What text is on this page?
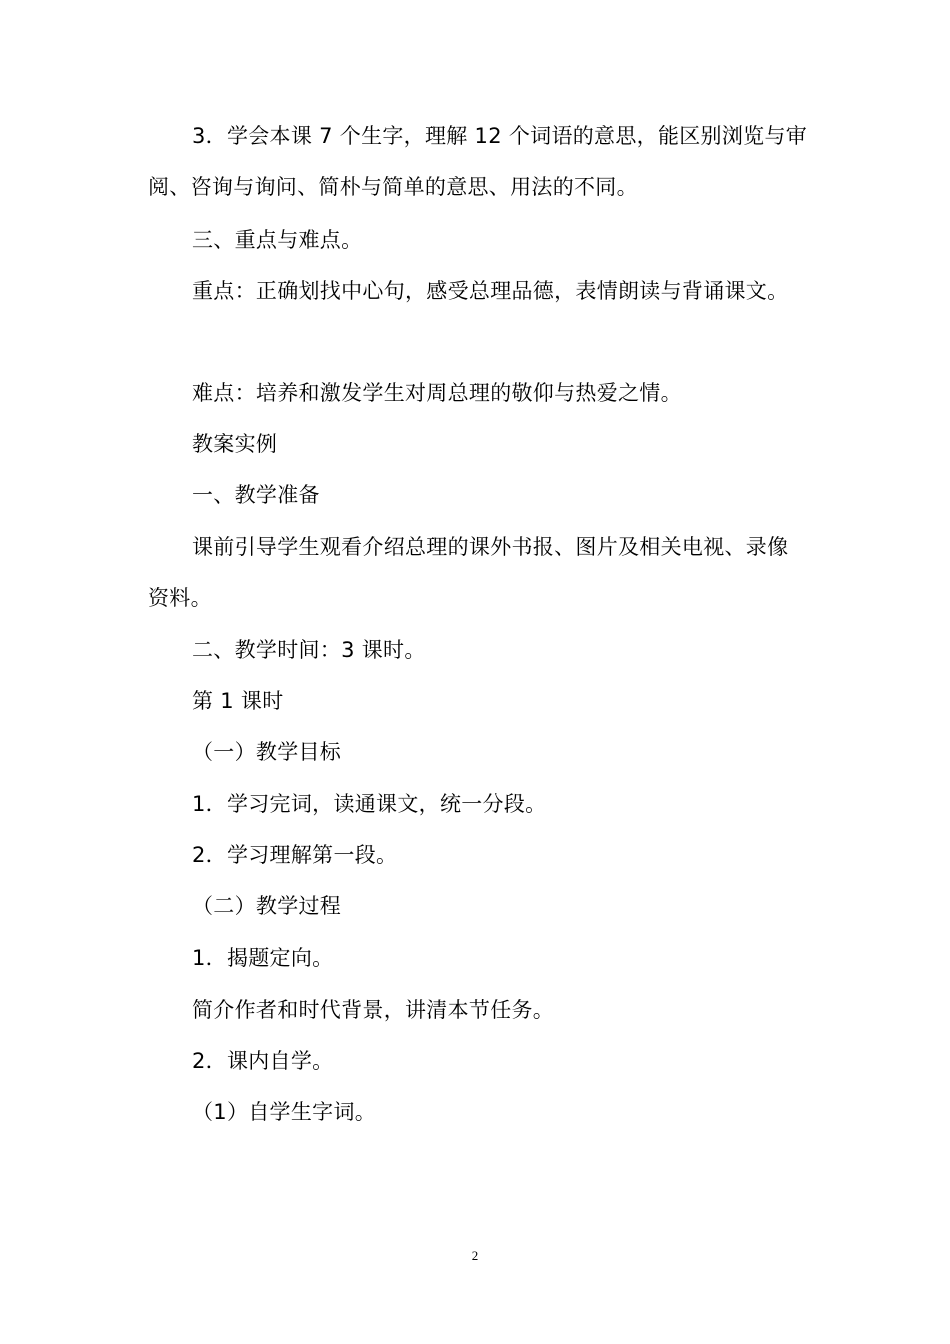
3．学会本课 7 个生字，理解 12 个词语的意思，能区别浏览与审阅、咨询与询问、简朴与简单的意思、用法的不同。

三、重点与难点。

重点：正确划找中心句，感受总理品德，表情朗读与背诵课文。

难点：培养和激发学生对周总理的敬仰与热爱之情。

教案实例

一、教学准备

课前引导学生观看介绍总理的课外书报、图片及相关电视、录像资料。

二、教学时间：3 课时。

第 1 课时

（一）教学目标

1．学习完词，读通课文，统一分段。

2．学习理解第一段。

（二）教学过程

1．揭题定向。

简介作者和时代背景，讲清本节任务。

2．课内自学。

（1）自学生字词。

2
